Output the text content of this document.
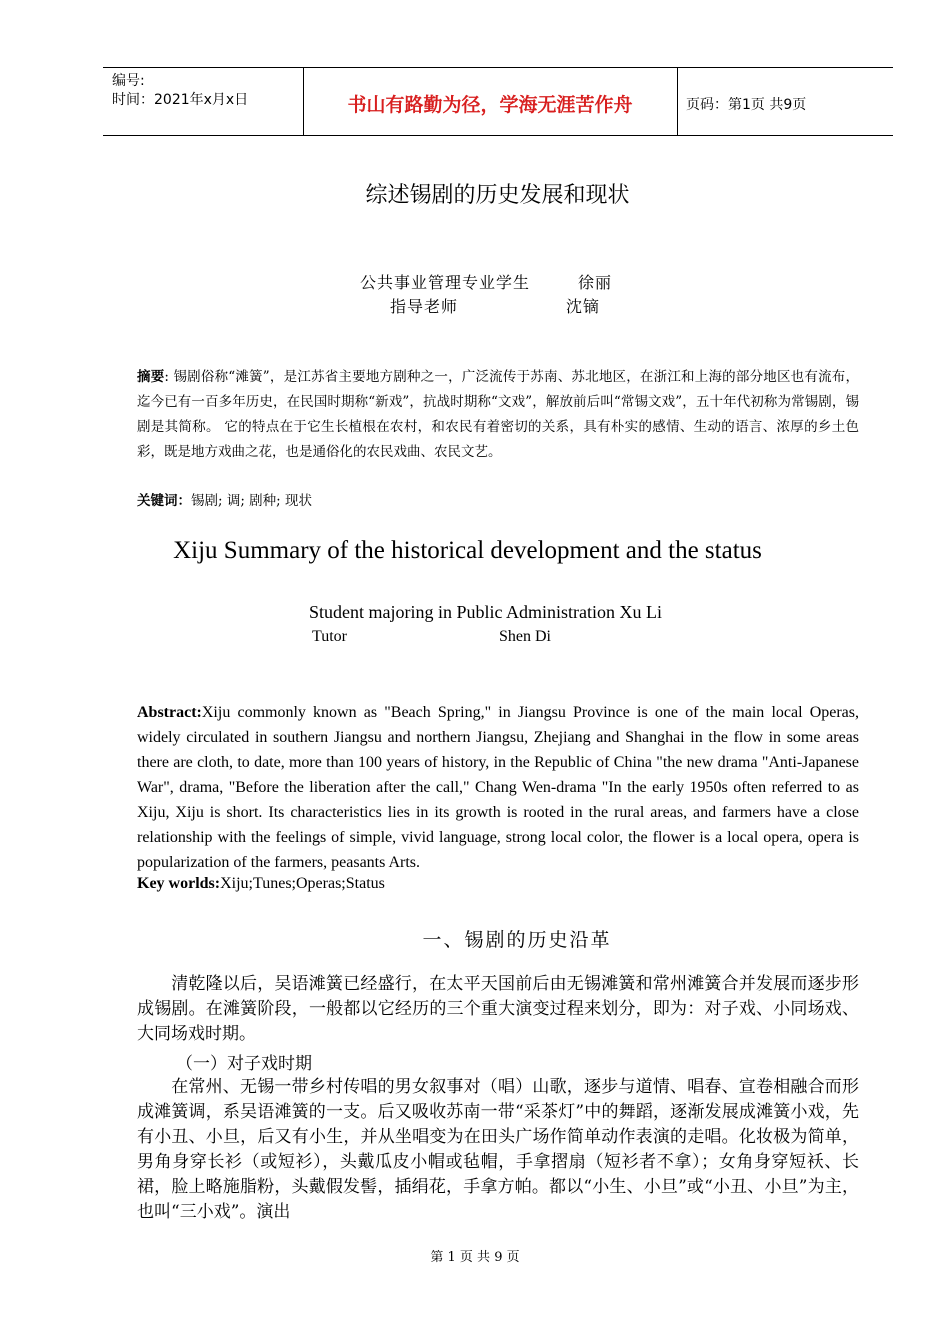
编号:
时间：2021年x月x日	书山有路勤为径，学海无涯苦作舟	页码：第1页 共9页
综述锡剧的历史发展和现状
公共事业管理专业学生	徐丽
指导老师	沈镝
摘要: 锡剧俗称“滩簧”，是江苏省主要地方剧种之一，广泛流传于苏南、苏北地区，在浙江和上海的部分地区也有流布，迄今已有一百多年历史，在民国时期称“新戏”，抗战时期称“文戏”，解放前后叫“常锡文戏”，五十年代初称为常锡剧，锡剧是其简称。 它的特点在于它生长植根在农村，和农民有着密切的关系，具有朴实的感情、生动的语言、浓厚的乡土色彩，既是地方戏曲之花，也是通俗化的农民戏曲、农民文艺。
关键词：锡剧; 调; 剧种; 现状
Xiju Summary of the historical development and the status
Student majoring in Public Administration Xu Li
Tutor	Shen Di
Abstract:Xiju commonly known as "Beach Spring," in Jiangsu Province is one of the main local Operas, widely circulated in southern Jiangsu and northern Jiangsu, Zhejiang and Shanghai in the flow in some areas there are cloth, to date, more than 100 years of history, in the Republic of China "the new drama "Anti-Japanese War", drama, "Before the liberation after the call," Chang Wen-drama "In the early 1950s often referred to as Xiju, Xiju is short. Its characteristics lies in its growth is rooted in the rural areas, and farmers have a close relationship with the feelings of simple, vivid language, strong local color, the flower is a local opera, opera is popularization of the farmers, peasants Arts.
Key worlds:Xiju;Tunes;Operas;Status
一、锡剧的历史沿革
清乾隆以后，吴语滩簧已经盛行，在太平天国前后由无锡滩簧和常州滩簧合并发展而逐步形成锡剧。在滩簧阶段，一般都以它经历的三个重大演变过程来划分，即为：对子戏、小同场戏、大同场戏时期。
（一）对子戏时期
在常州、无锡一带乡村传唱的男女叙事对（唱）山歌，逐步与道情、唱春、宣卷相融合而形成滩簧调，系吴语滩簧的一支。后又吸收苏南一带“采茶灯”中的舞蹈，逐渐发展成滩簧小戏，先有小丑、小旦，后又有小生，并从坐唱变为在田头广场作简单动作表演的走唱。化妆极为简单，男角身穿长衫（或短衫），头戴瓜皮小帽或毡帽，手拿摺扇（短衫者不拿）；女角身穿短袄、长裙，脸上略施脂粉，头戴假发髻，插绢花，手拿方帕。都以“小生、小旦”或“小丑、小旦”为主，也叫“三小戏”。演出
第 1 页 共 9 页
